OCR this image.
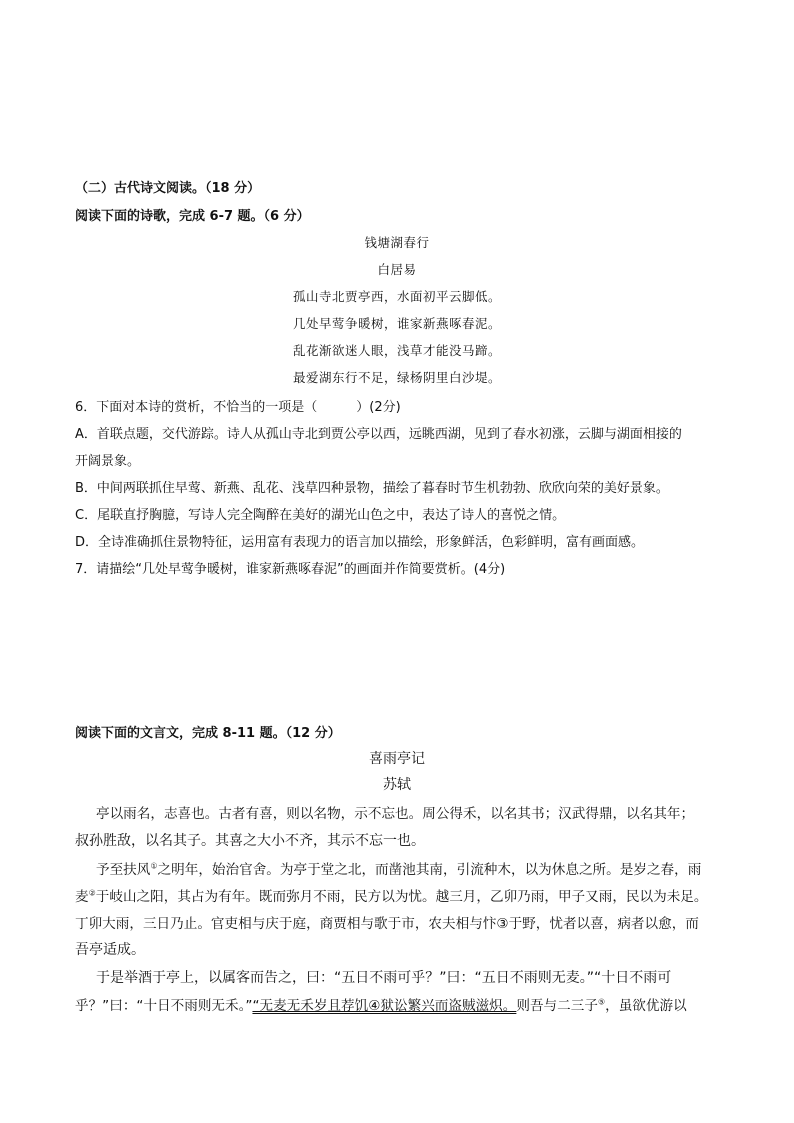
（二）古代诗文阅读。（18 分）
阅读下面的诗歌，完成 6-7 题。（6 分）
钱塘湖春行
白居易
孤山寺北贾亭西，水面初平云脚低。
几处早莺争暖树，谁家新燕啄春泥。
乱花渐欲迷人眼，浅草才能没马蹄。
最爱湖东行不足，绿杨阴里白沙堤。
6．下面对本诗的赏析，不恰当的一项是（　　　）(2分)
A．首联点题，交代游踪。诗人从孤山寺北到贾公亭以西，远眺西湖，见到了春水初涨，云脚与湖面相接的
开阔景象。
B．中间两联抓住早莺、新燕、乱花、浅草四种景物，描绘了暮春时节生机勃勃、欣欣向荣的美好景象。
C．尾联直抒胸臆，写诗人完全陶醉在美好的湖光山色之中，表达了诗人的喜悦之情。
D．全诗准确抓住景物特征，运用富有表现力的语言加以描绘，形象鲜活，色彩鲜明，富有画面感。
7．请描绘“几处早莺争暖树，谁家新燕啄春泥”的画面并作简要赏析。(4分)
阅读下面的文言文，完成 8-11 题。（12 分）
喜雨亭记
苏轼
亭以雨名，志喜也。古者有喜，则以名物，示不忘也。周公得禾，以名其书；汉武得鼎，以名其年；
叔孙胜敌，以名其子。其喜之大小不齐，其示不忘一也。
予至扶风①之明年，始治官舍。为亭于堂之北，而凿池其南，引流种木，以为休息之所。是岁之春，雨
麦②于岐山之阳，其占为有年。既而弥月不雨，民方以为忧。越三月，乙卯乃雨，甲子又雨，民以为未足。
丁卯大雨，三日乃止。官吏相与庆于庭，商贾相与歌于市，农夫相与忭③于野，忧者以喜，病者以愈，而
吾亭适成。
于是举酒于亭上，以属客而告之，曰：“五日不雨可乎？”曰：“五日不雨则无麦。”“十日不雨可
乎？”曰：“十日不雨则无禾。”“无麦无禾岁且荐饥④狱讼繁兴而盗贼滋炽。则吾与二三子⑤，虽欲优游以
